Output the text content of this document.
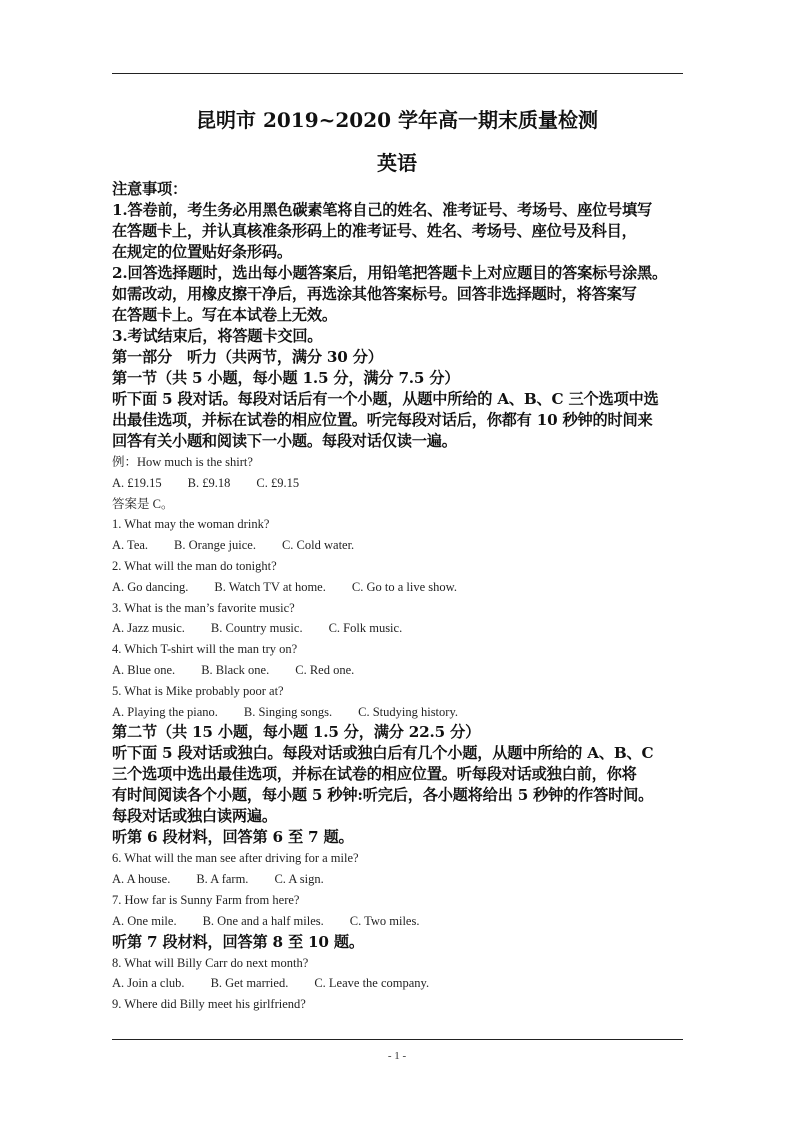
昆明市 2019~2020 学年高一期末质量检测
英语

注意事项：

1.答卷前，考生务必用黑色碳素笔将自己的姓名、准考证号、考场号、座位号填写

在答题卡上，并认真核准条形码上的准考证号、姓名、考场号、座位号及科目，

在规定的位置贴好条形码。

2.回答选择题时，选出每小题答案后，用铅笔把答题卡上对应题目的答案标号涂黑。

如需改动，用橡皮擦干净后，再选涂其他答案标号。回答非选择题时，将答案写

在答题卡上。写在本试卷上无效。

3.考试结束后，将答题卡交回。

第一部分　听力（共两节，满分 30 分）

第一节（共 5 小题，每小题 1.5 分，满分 7.5 分）

听下面 5 段对话。每段对话后有一个小题，从题中所给的 A、B、C 三个选项中选

出最佳选项，并标在试卷的相应位置。听完每段对话后，你都有 10 秒钟的时间来

回答有关小题和阅读下一小题。每段对话仅读一遍。

例：How much is the shirt?

A. £19.15 B. £9.18 C. £9.15

答案是 C。

1. What may the woman drink?

A. Tea. B. Orange juice. C. Cold water.

2. What will the man do tonight?

A. Go dancing. B. Watch TV at home. C. Go to a live show.

3. What is the man’s favorite music?

A. Jazz music. B. Country music. C. Folk music.

4. Which T-shirt will the man try on?

A. Blue one. B. Black one. C. Red one.

5. What is Mike probably poor at?

A. Playing the piano. B. Singing songs. C. Studying history.

第二节（共 15 小题，每小题 1.5 分，满分 22.5 分）

听下面 5 段对话或独白。每段对话或独白后有几个小题，从题中所给的 A、B、C

三个选项中选出最佳选项，并标在试卷的相应位置。听每段对话或独白前，你将

有时间阅读各个小题，每小题 5 秒钟:听完后，各小题将给出 5 秒钟的作答时间。

每段对话或独白读两遍。

听第 6 段材料，回答第 6 至 7 题。

6. What will the man see after driving for a mile?

A. A house. B. A farm. C. A sign.

7. How far is Sunny Farm from here?

A. One mile. B. One and a half miles. C. Two miles.

听第 7 段材料，回答第 8 至 10 题。

8. What will Billy Carr do next month?

A. Join a club. B. Get married. C. Leave the company.

9. Where did Billy meet his girlfriend?

- 1 -
